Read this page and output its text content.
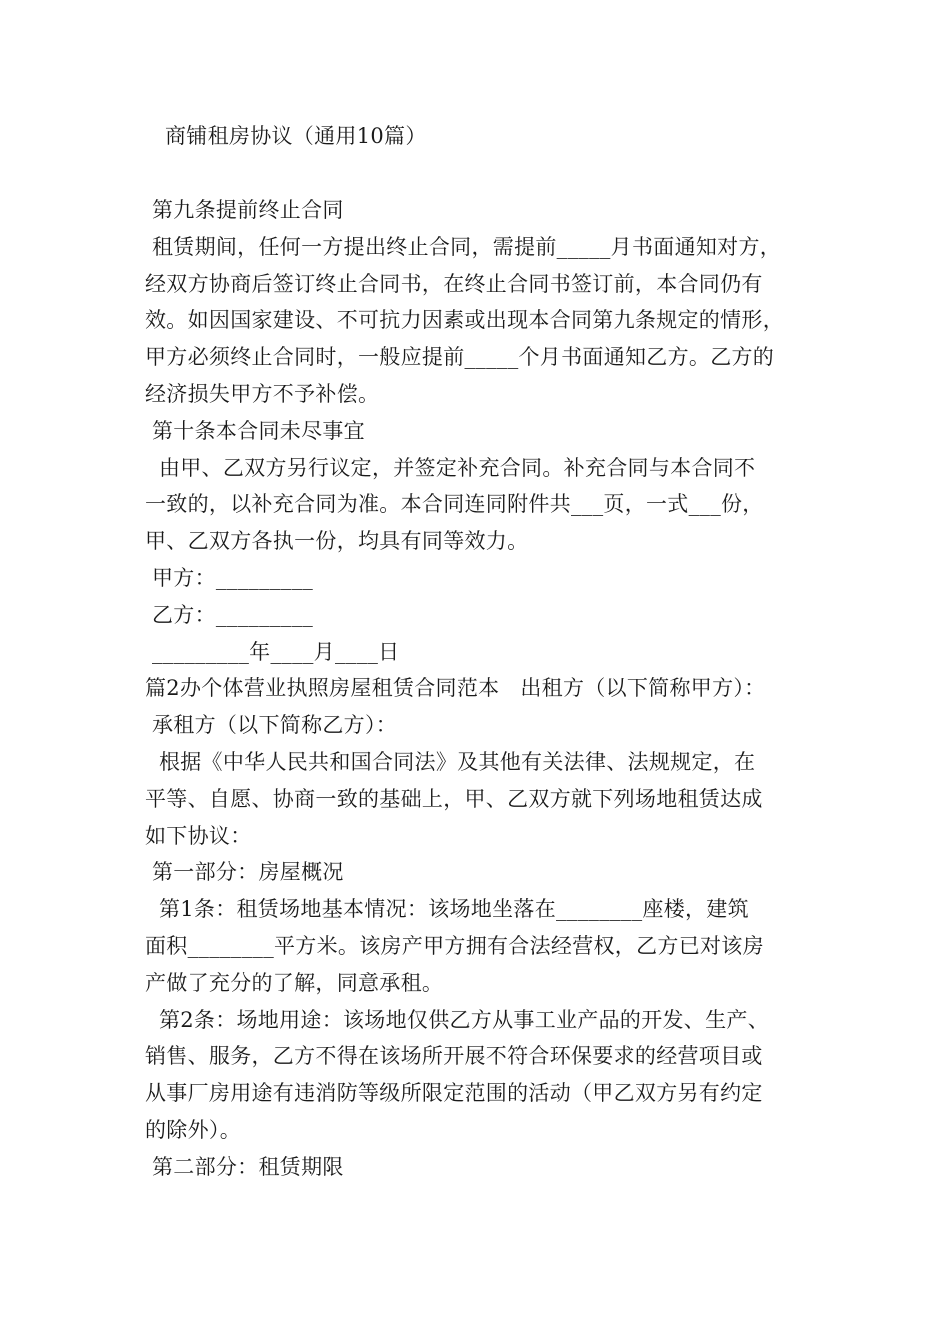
商铺租房协议（通用10篇）
第九条提前终止合同
租赁期间，任何一方提出终止合同，需提前_____月书面通知对方，
经双方协商后签订终止合同书，在终止合同书签订前，本合同仍有
效。如因国家建设、不可抗力因素或出现本合同第九条规定的情形，
甲方必须终止合同时，一般应提前_____个月书面通知乙方。乙方的
经济损失甲方不予补偿。
第十条本合同未尽事宜
由甲、乙双方另行议定，并签定补充合同。补充合同与本合同不
一致的，以补充合同为准。本合同连同附件共___页，一式___份，
甲、乙双方各执一份，均具有同等效力。
甲方：_________
乙方：_________
_________年____月____日
篇2办个体营业执照房屋租赁合同范本   出租方（以下简称甲方）：
承租方（以下简称乙方）：
根据《中华人民共和国合同法》及其他有关法律、法规规定，在
平等、自愿、协商一致的基础上，甲、乙双方就下列场地租赁达成
如下协议：
第一部分：房屋概况
第1条：租赁场地基本情况：该场地坐落在________座楼，建筑
面积________平方米。该房产甲方拥有合法经营权，乙方已对该房
产做了充分的了解，同意承租。
第2条：场地用途：该场地仅供乙方从事工业产品的开发、生产、
销售、服务，乙方不得在该场所开展不符合环保要求的经营项目或
从事厂房用途有违消防等级所限定范围的活动（甲乙双方另有约定
的除外）。
第二部分：租赁期限
